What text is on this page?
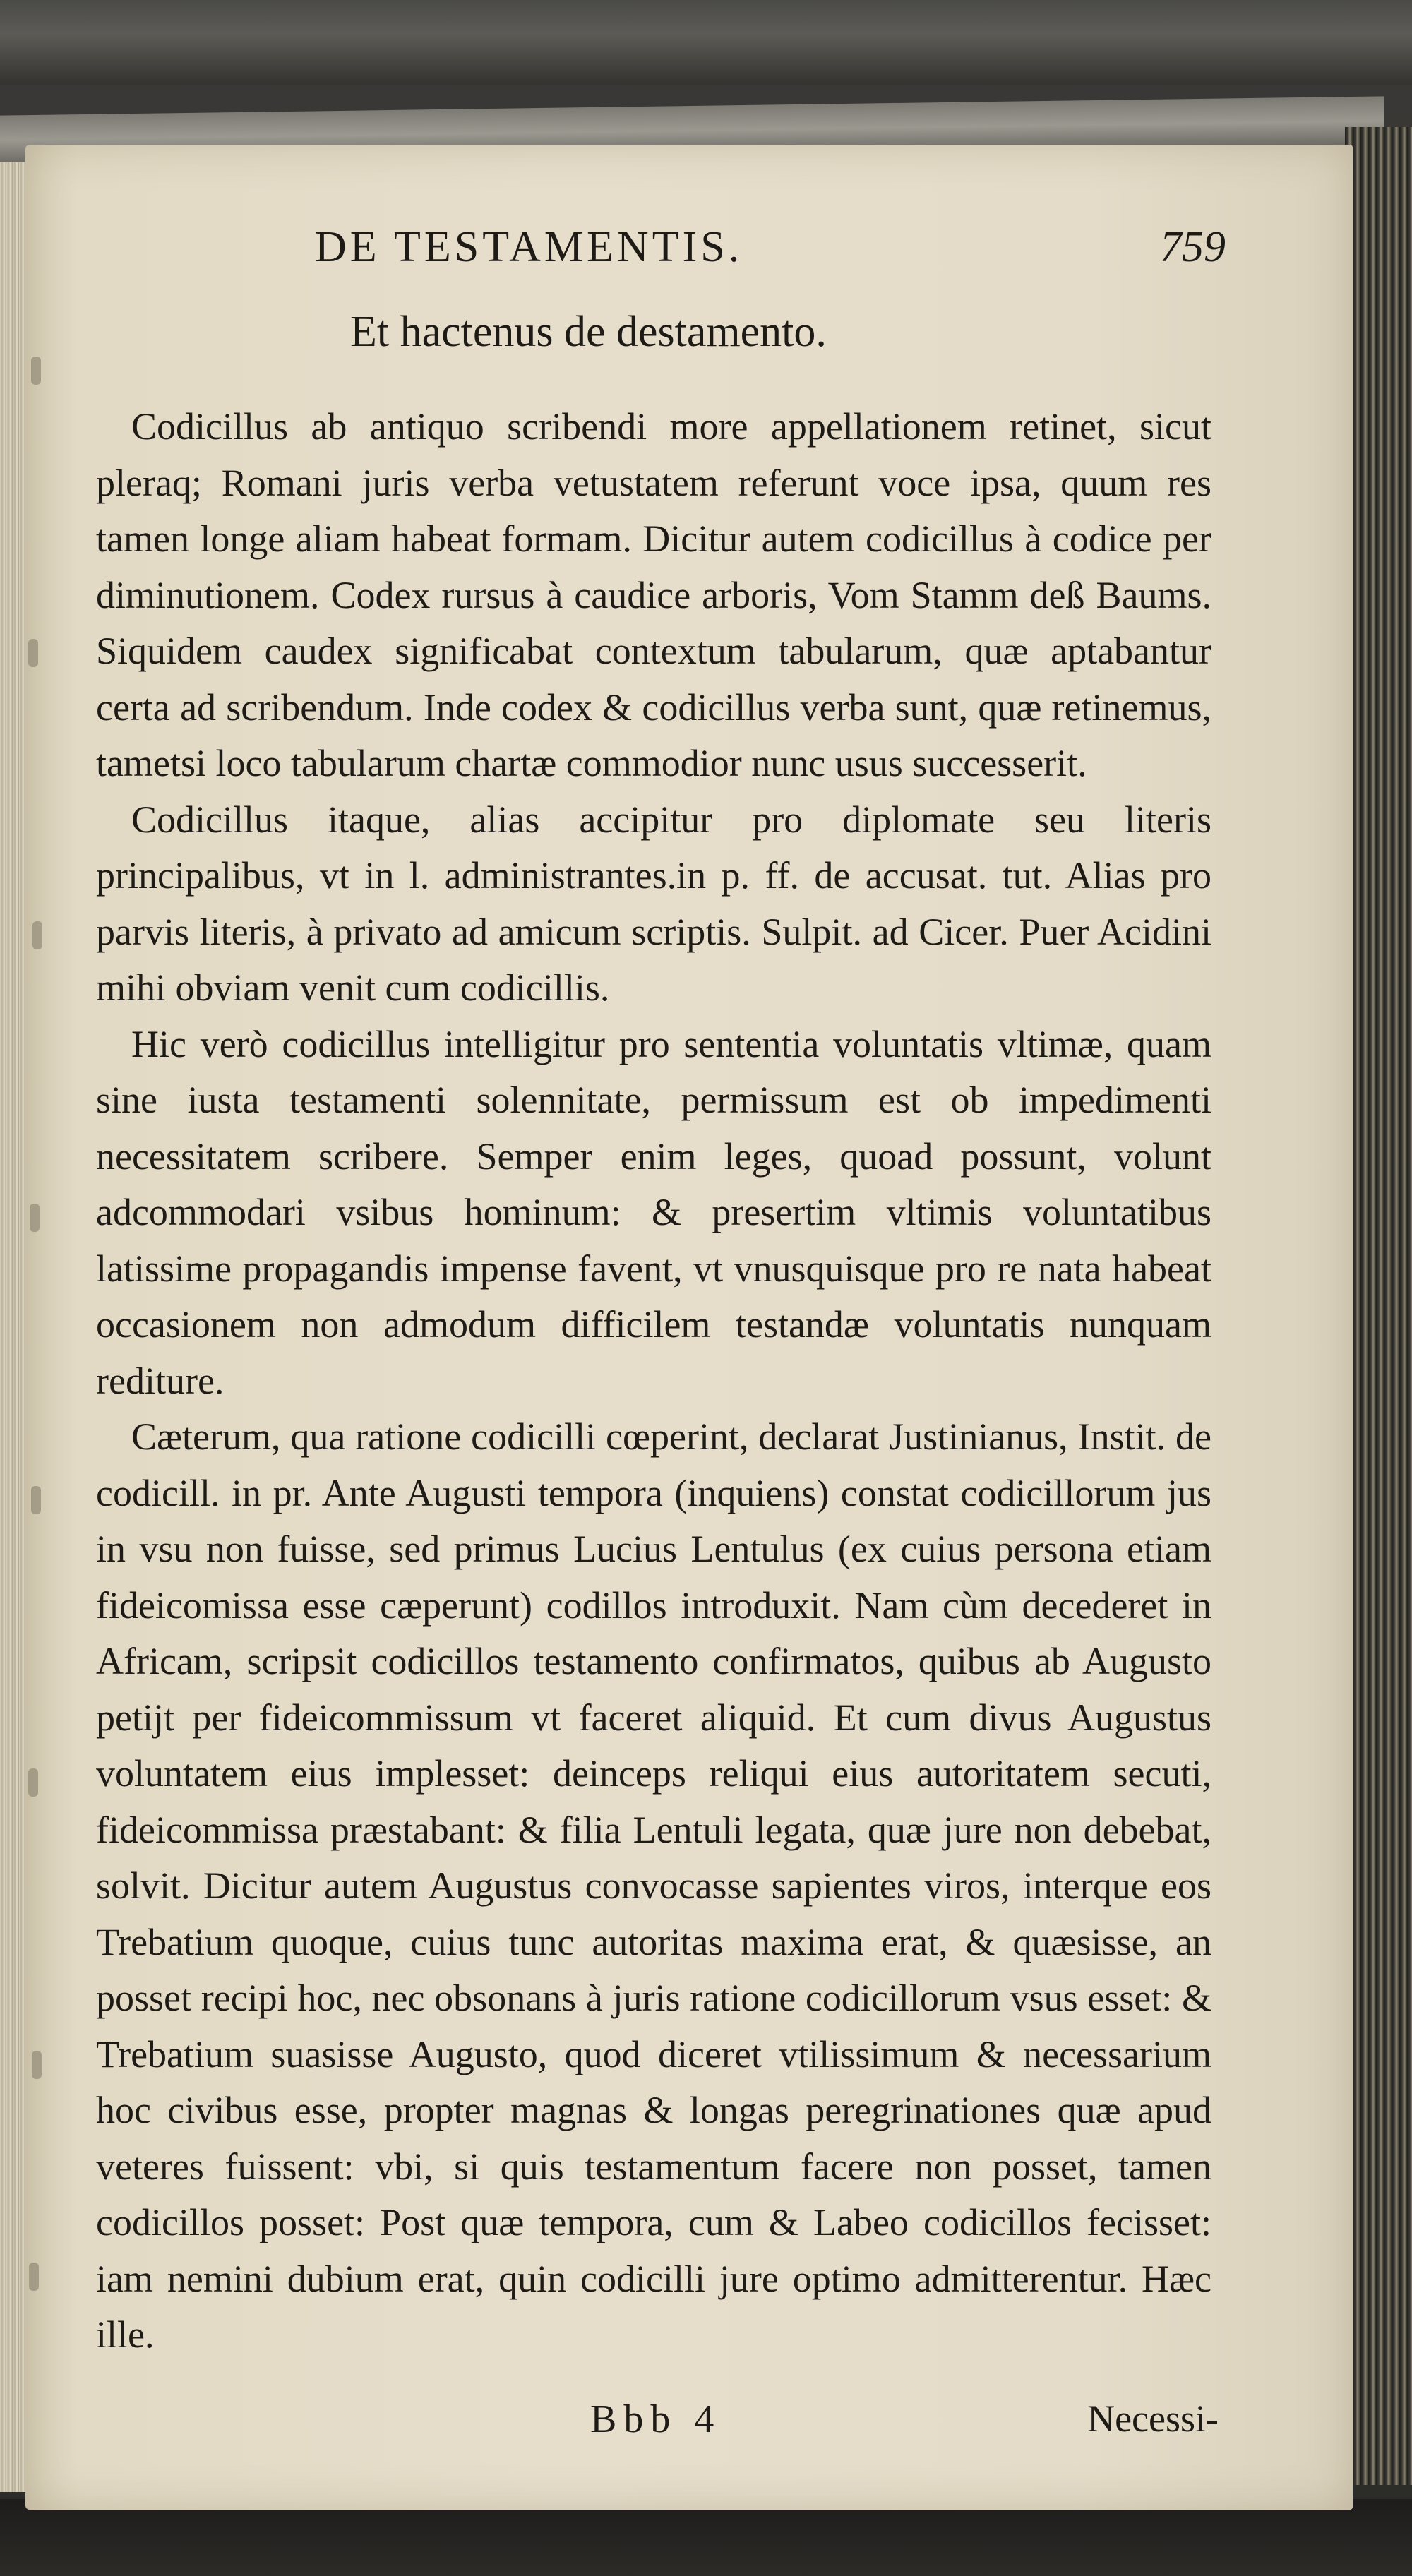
DE TESTAMENTIS.	759
Et hactenus de destamento.

Codicillus ab antiquo scribendi more appellationem retinet, sicut pleraq; Romani juris verba vetustatem referunt voce ipsa, quum res tamen longe aliam habeat formam. Dicitur autem codicillus à codice per diminutionem. Codex rursus à caudice arboris, Vom Stamm deß Baums. Siquidem caudex significabat contextum tabularum, quæ aptabantur certa ad scribendum. Inde codex & codicillus verba sunt, quæ retinemus, tametsi loco tabularum chartæ commodior nunc usus successerit.

Codicillus itaque, alias accipitur pro diplomate seu literis principalibus, vt in l. administrantes.in p. ff. de accusat. tut. Alias pro parvis literis, à privato ad amicum scriptis. Sulpit. ad Cicer. Puer Acidini mihi obviam venit cum codicillis.

Hic verò codicillus intelligitur pro sententia voluntatis vltimæ, quam sine iusta testamenti solennitate, permissum est ob impedimenti necessitatem scribere. Semper enim leges, quoad possunt, volunt adcommodari vsibus hominum: & presertim vltimis voluntatibus latissime propagandis impense favent, vt vnusquisque pro re nata habeat occasionem non admodum difficilem testandæ voluntatis nunquam rediture.

Cæterum, qua ratione codicilli cœperint, declarat Justinianus, Instit. de codicill. in pr. Ante Augusti tempora (inquiens) constat codicillorum jus in vsu non fuisse, sed primus Lucius Lentulus (ex cuius persona etiam fideicomissa esse cæperunt) codillos introduxit. Nam cùm decederet in Africam, scripsit codicillos testamento confirmatos, quibus ab Augusto petijt per fideicommissum vt faceret aliquid. Et cum divus Augustus voluntatem eius implesset: deinceps reliqui eius autoritatem secuti, fideicommissa præstabant: & filia Lentuli legata, quæ jure non debebat, solvit. Dicitur autem Augustus convocasse sapientes viros, interque eos Trebatium quoque, cuius tunc autoritas maxima erat, & quæsisse, an posset recipi hoc, nec obsonans à juris ratione codicillorum vsus esset: & Trebatium suasisse Augusto, quod diceret vtilissimum & necessarium hoc civibus esse, propter magnas & longas peregrinationes quæ apud veteres fuissent: vbi, si quis testamentum facere non posset, tamen codicillos posset: Post quæ tempora, cum & Labeo codicillos fecisset: iam nemini dubium erat, quin codicilli jure optimo admitterentur. Hæc ille.

Bbb 4	Necessi-
